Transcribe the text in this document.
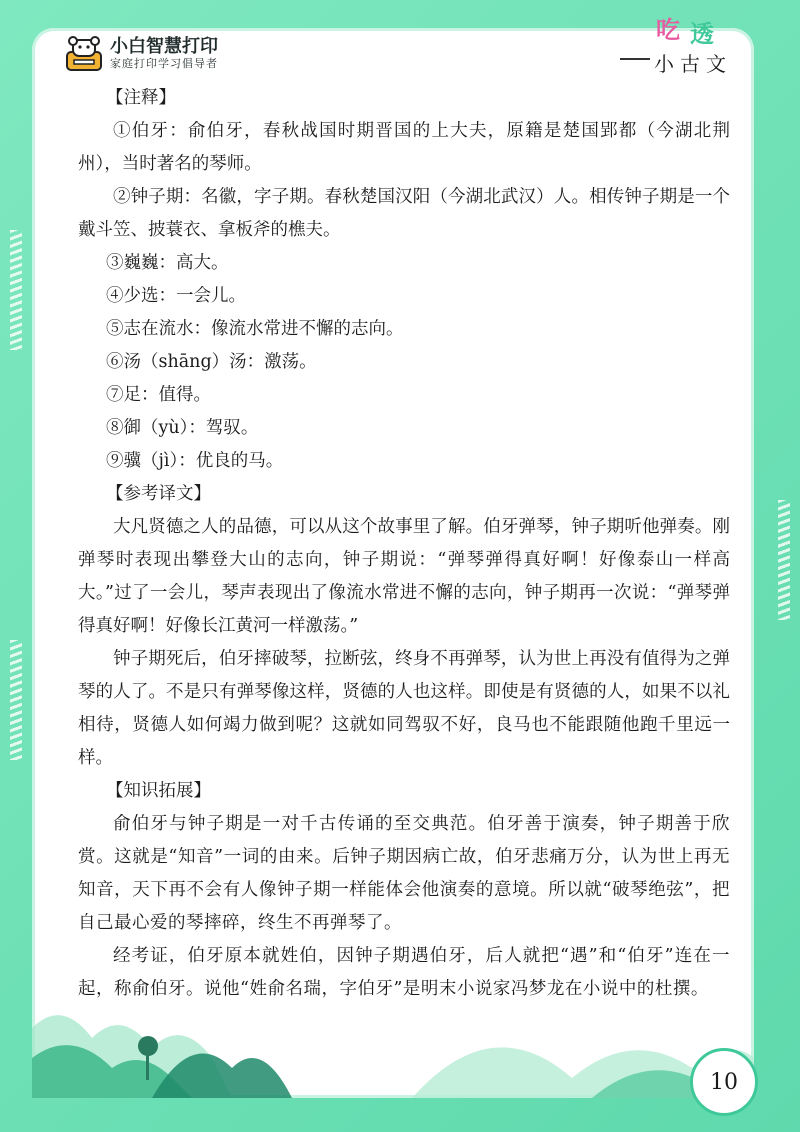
小白智慧打印
家庭打印学习倡导者
吃 透
小古文

【注释】

①伯牙：俞伯牙，春秋战国时期晋国的上大夫，原籍是楚国郢都（今湖北荆州），当时著名的琴师。

②钟子期：名徽，字子期。春秋楚国汉阳（今湖北武汉）人。相传钟子期是一个戴斗笠、披蓑衣、拿板斧的樵夫。

③巍巍：高大。

④少选：一会儿。

⑤志在流水：像流水常进不懈的志向。

⑥汤（shāng）汤：激荡。

⑦足：值得。

⑧御（yù）：驾驭。

⑨骥（jì）：优良的马。

【参考译文】

大凡贤德之人的品德，可以从这个故事里了解。伯牙弹琴，钟子期听他弹奏。刚弹琴时表现出攀登大山的志向，钟子期说：“弹琴弹得真好啊！好像泰山一样高大。”过了一会儿，琴声表现出了像流水常进不懈的志向，钟子期再一次说：“弹琴弹得真好啊！好像长江黄河一样激荡。”

钟子期死后，伯牙摔破琴，拉断弦，终身不再弹琴，认为世上再没有值得为之弹琴的人了。不是只有弹琴像这样，贤德的人也这样。即使是有贤德的人，如果不以礼相待，贤德人如何竭力做到呢？这就如同驾驭不好，良马也不能跟随他跑千里远一样。

【知识拓展】

俞伯牙与钟子期是一对千古传诵的至交典范。伯牙善于演奏，钟子期善于欣赏。这就是“知音”一词的由来。后钟子期因病亡故，伯牙悲痛万分，认为世上再无知音，天下再不会有人像钟子期一样能体会他演奏的意境。所以就“破琴绝弦”，把自己最心爱的琴摔碎，终生不再弹琴了。

经考证，伯牙原本就姓伯，因钟子期遇伯牙，后人就把“遇”和“伯牙”连在一起，称俞伯牙。说他“姓俞名瑞，字伯牙”是明末小说家冯梦龙在小说中的杜撰。

10
